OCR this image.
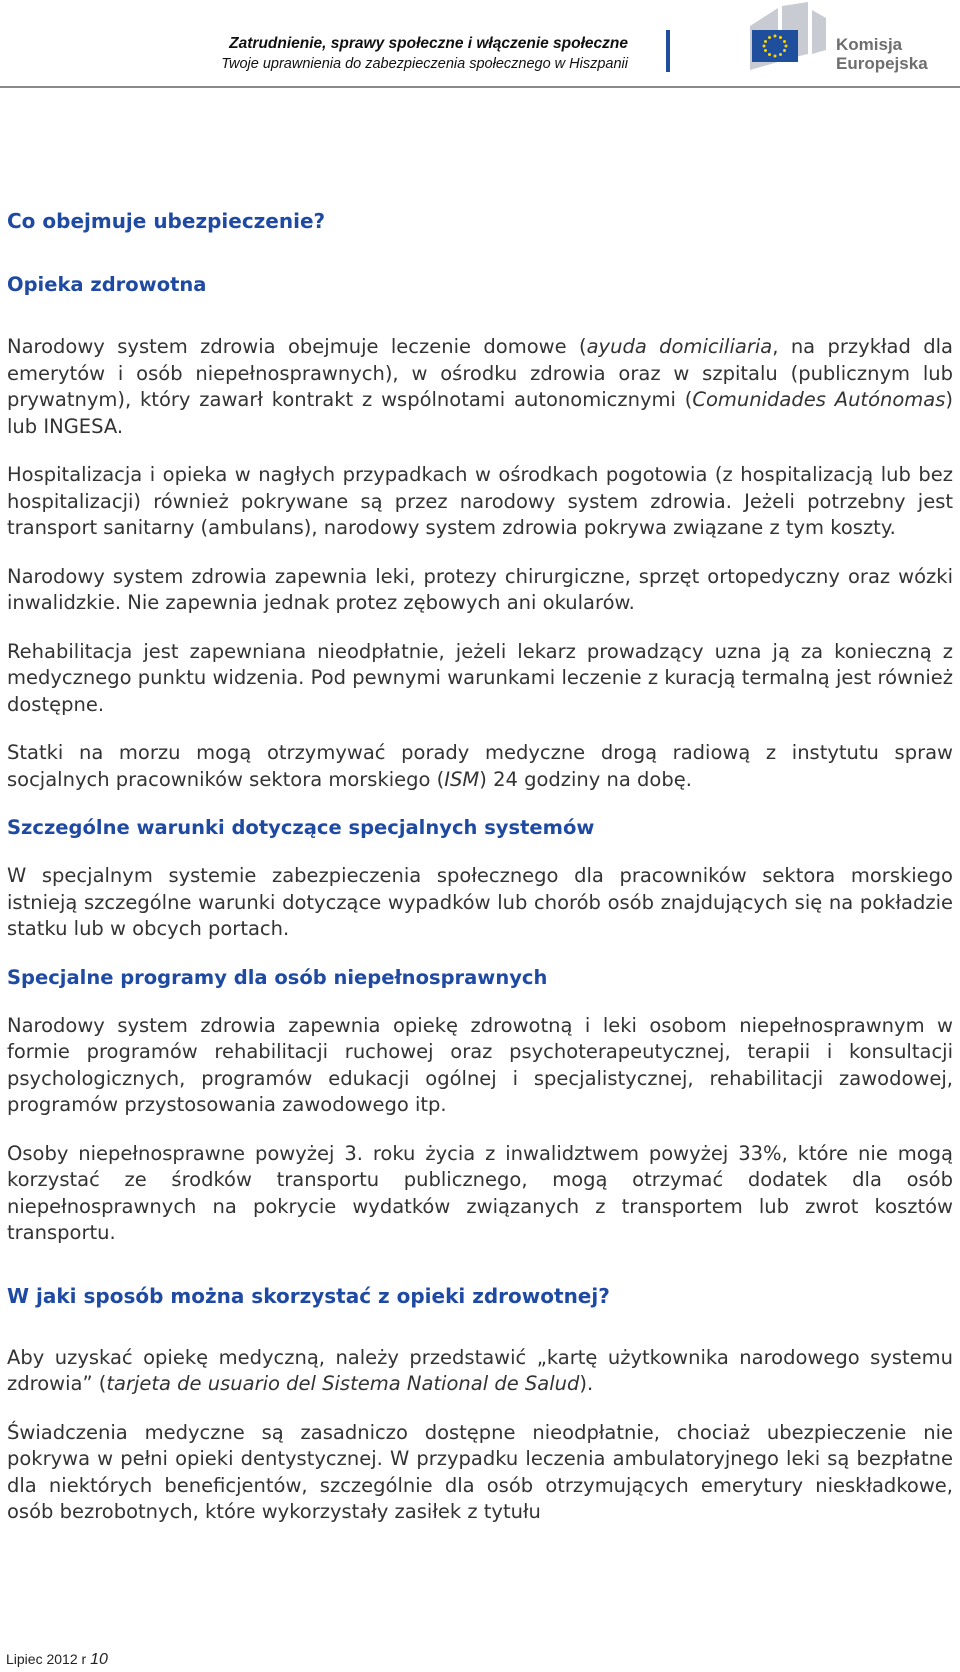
Zatrudnienie, sprawy społeczne i włączenie społeczne
Twoje uprawnienia do zabezpieczenia społecznego w Hiszpanii
Komisja
Europejska
Co obejmuje ubezpieczenie?
Opieka zdrowotna

Narodowy system zdrowia obejmuje leczenie domowe (ayuda domiciliaria, na przykład dla emerytów i osób niepełnosprawnych), w ośrodku zdrowia oraz w szpitalu (publicznym lub prywatnym), który zawarł kontrakt z wspólnotami autonomicznymi (Comunidades Autónomas) lub INGESA.

Hospitalizacja i opieka w nagłych przypadkach w ośrodkach pogotowia (z hospitalizacją lub bez hospitalizacji) również pokrywane są przez narodowy system zdrowia. Jeżeli potrzebny jest transport sanitarny (ambulans), narodowy system zdrowia pokrywa związane z tym koszty.

Narodowy system zdrowia zapewnia leki, protezy chirurgiczne, sprzęt ortopedyczny oraz wózki inwalidzkie. Nie zapewnia jednak protez zębowych ani okularów.

Rehabilitacja jest zapewniana nieodpłatnie, jeżeli lekarz prowadzący uzna ją za konieczną z medycznego punktu widzenia. Pod pewnymi warunkami leczenie z kuracją termalną jest również dostępne.

Statki na morzu mogą otrzymywać porady medyczne drogą radiową z instytutu spraw socjalnych pracowników sektora morskiego (ISM) 24 godziny na dobę.

Szczególne warunki dotyczące specjalnych systemów

W specjalnym systemie zabezpieczenia społecznego dla pracowników sektora morskiego istnieją szczególne warunki dotyczące wypadków lub chorób osób znajdujących się na pokładzie statku lub w obcych portach.

Specjalne programy dla osób niepełnosprawnych

Narodowy system zdrowia zapewnia opiekę zdrowotną i leki osobom niepełnosprawnym w formie programów rehabilitacji ruchowej oraz psychoterapeutycznej, terapii i konsultacji psychologicznych, programów edukacji ogólnej i specjalistycznej, rehabilitacji zawodowej, programów przystosowania zawodowego itp.

Osoby niepełnosprawne powyżej 3. roku życia z inwalidztwem powyżej 33%, które nie mogą korzystać ze środków transportu publicznego, mogą otrzymać dodatek dla osób niepełnosprawnych na pokrycie wydatków związanych z transportem lub zwrot kosztów transportu.

W jaki sposób można skorzystać z opieki zdrowotnej?

Aby uzyskać opiekę medyczną, należy przedstawić „kartę użytkownika narodowego systemu zdrowia” (tarjeta de usuario del Sistema National de Salud).

Świadczenia medyczne są zasadniczo dostępne nieodpłatnie, chociaż ubezpieczenie nie pokrywa w pełni opieki dentystycznej. W przypadku leczenia ambulatoryjnego leki są bezpłatne dla niektórych beneficjentów, szczególnie dla osób otrzymujących emerytury nieskładkowe, osób bezrobotnych, które wykorzystały zasiłek z tytułu

Lipiec 2012 r 10
